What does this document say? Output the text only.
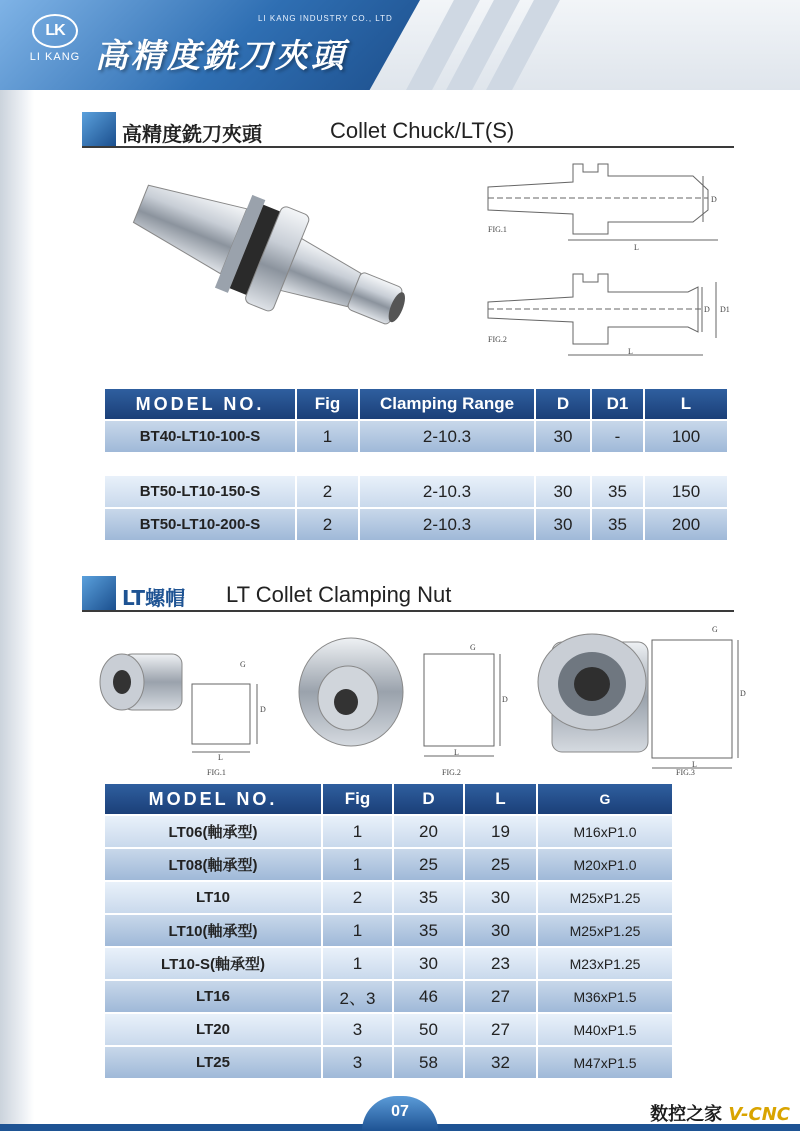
LK
LI KANG
LI KANG INDUSTRY CO., LTD
高精度銑刀夾頭
高精度銑刀夾頭	Collet Chuck/LT(S)
FIG.1
L
D
FIG.2
L
D D1
MODEL NO.	Fig	Clamping Range	D	D1	L
BT40-LT10-100-S	1	2-10.3	30	-	100

BT50-LT10-150-S	2	2-10.3	30	35	150
BT50-LT10-200-S	2	2-10.3	30	35	200
LT螺帽 LT Collet Clamping Nut
G
D
L
FIG.1
G
D
L
FIG.2
G
D
L
FIG.3
MODEL NO.	Fig	D	L	G
LT06(軸承型)	1	20	19	M16xP1.0
LT08(軸承型)	1	25	25	M20xP1.0
LT10	2	35	30	M25xP1.25
LT10(軸承型)	1	35	30	M25xP1.25
LT10-S(軸承型)	1	30	23	M23xP1.25
LT16	2、3	46	27	M36xP1.5
LT20	3	50	27	M40xP1.5
LT25	3	58	32	M47xP1.5
07	数控之家 V-CNC
